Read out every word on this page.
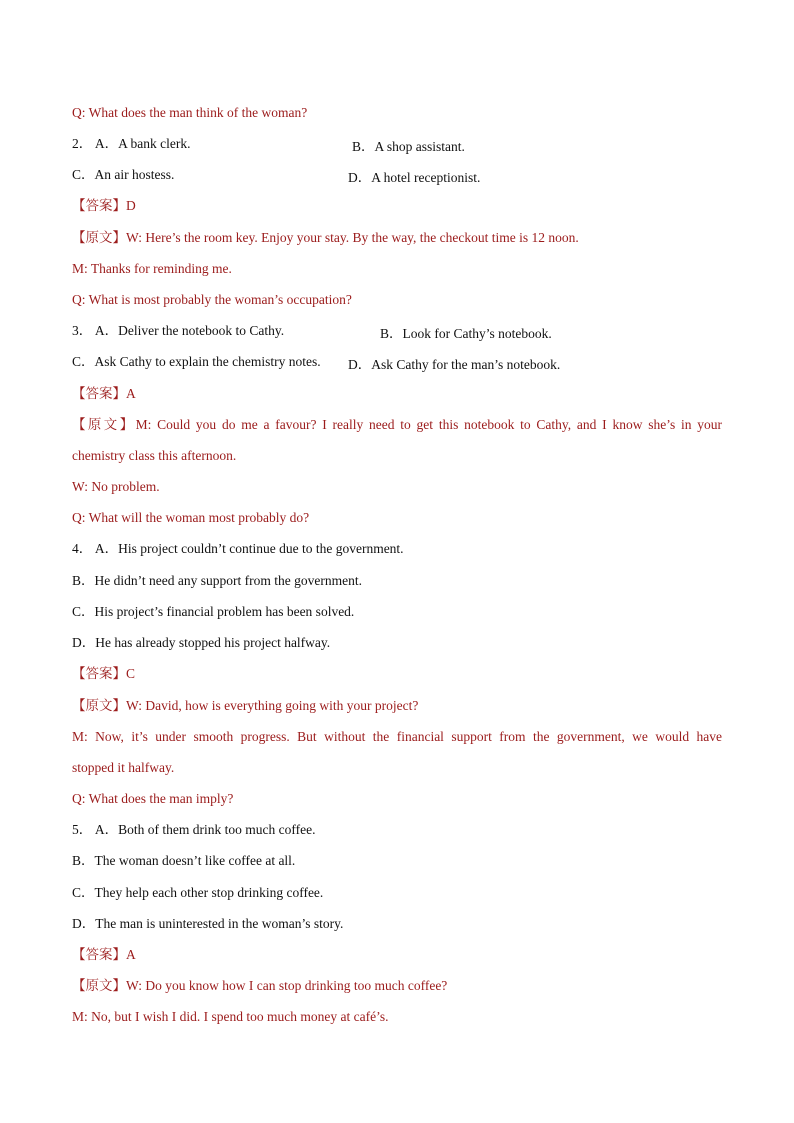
Q: What does the man think of the woman?
2． A．A bank clerk.	B．A shop assistant.
C．An air hostess.	D．A hotel receptionist.
【答案】D
【原文】W: Here’s the room key. Enjoy your stay. By the way, the checkout time is 12 noon.
M: Thanks for reminding me.
Q: What is most probably the woman’s occupation?
3． A．Deliver the notebook to Cathy.	B．Look for Cathy’s notebook.
C．Ask Cathy to explain the chemistry notes. D．Ask Cathy for the man’s notebook.
【答案】A
【原文】M: Could you do me a favour? I really need to get this notebook to Cathy, and I know she’s in your
chemistry class this afternoon.
W: No problem.
Q: What will the woman most probably do?
4． A．His project couldn’t continue due to the government.
B．He didn’t need any support from the government.
C．His project’s financial problem has been solved.
D．He has already stopped his project halfway.
【答案】C
【原文】W: David, how is everything going with your project?
M: Now, it’s under smooth progress. But without the financial support from the government, we would have
stopped it halfway.
Q: What does the man imply?
5． A．Both of them drink too much coffee.
B．The woman doesn’t like coffee at all.
C．They help each other stop drinking coffee.
D．The man is uninterested in the woman’s story.
【答案】A
【原文】W: Do you know how I can stop drinking too much coffee?
M: No, but I wish I did. I spend too much money at café’s.
